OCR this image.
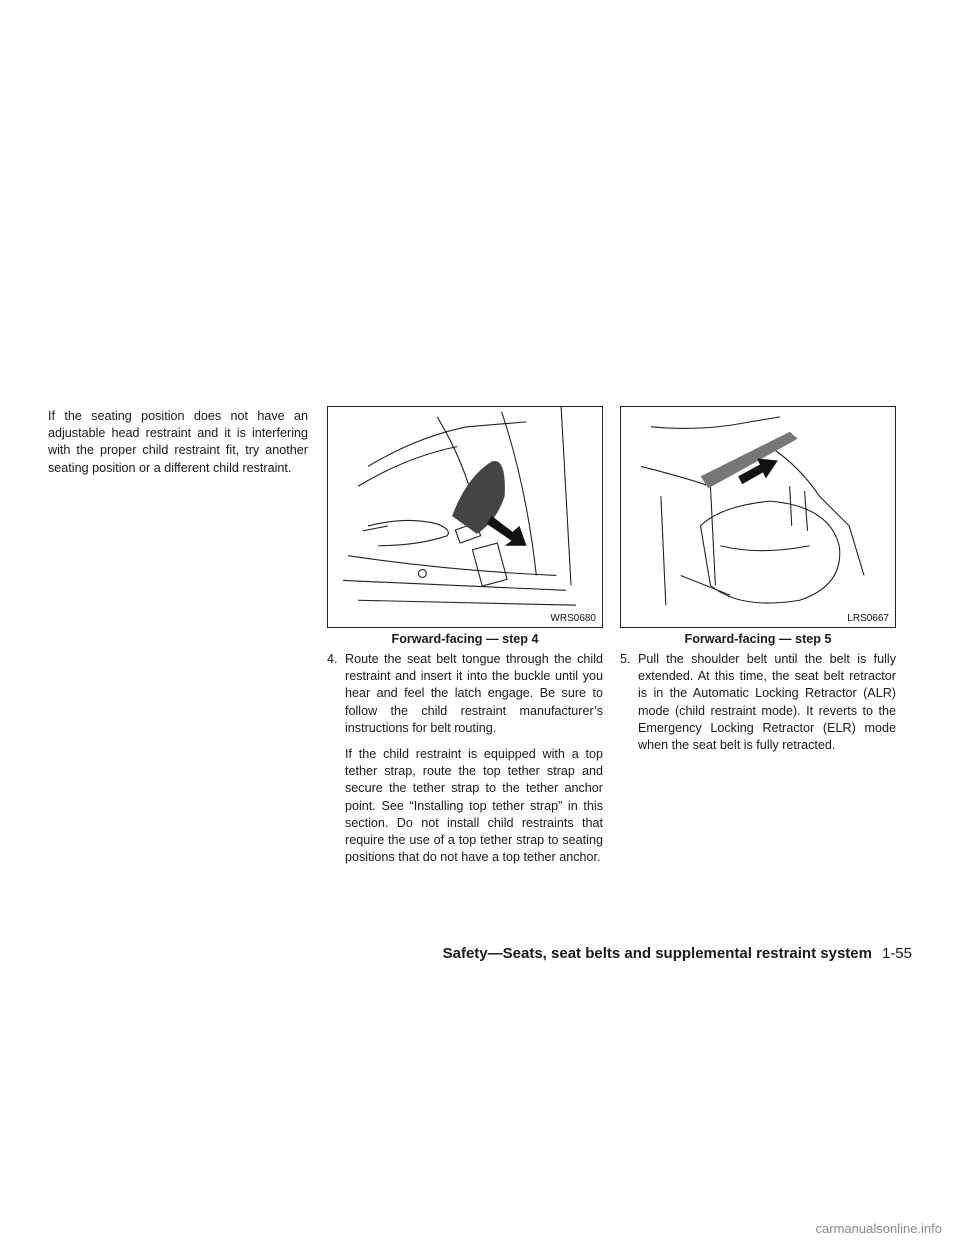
If the seating position does not have an adjustable head restraint and it is interfering with the proper child restraint fit, try another seating position or a different child restraint.
WRS0680	LRS0667
Forward-facing — step 4	Forward-facing — step 5
4. Route the seat belt tongue through the child restraint and insert it into the buckle until you hear and feel the latch engage. Be sure to follow the child restraint manufacturer’s instructions for belt routing.

If the child restraint is equipped with a top tether strap, route the top tether strap and secure the tether strap to the tether anchor point. See “Installing top tether strap” in this section. Do not install child restraints that require the use of a top tether strap to seating positions that do not have a top tether anchor.

5. Pull the shoulder belt until the belt is fully extended. At this time, the seat belt retractor is in the Automatic Locking Retractor (ALR) mode (child restraint mode). It reverts to the Emergency Locking Retractor (ELR) mode when the seat belt is fully retracted.

Safety—Seats, seat belts and supplemental restraint system 1-55
carmanualsonline.info
